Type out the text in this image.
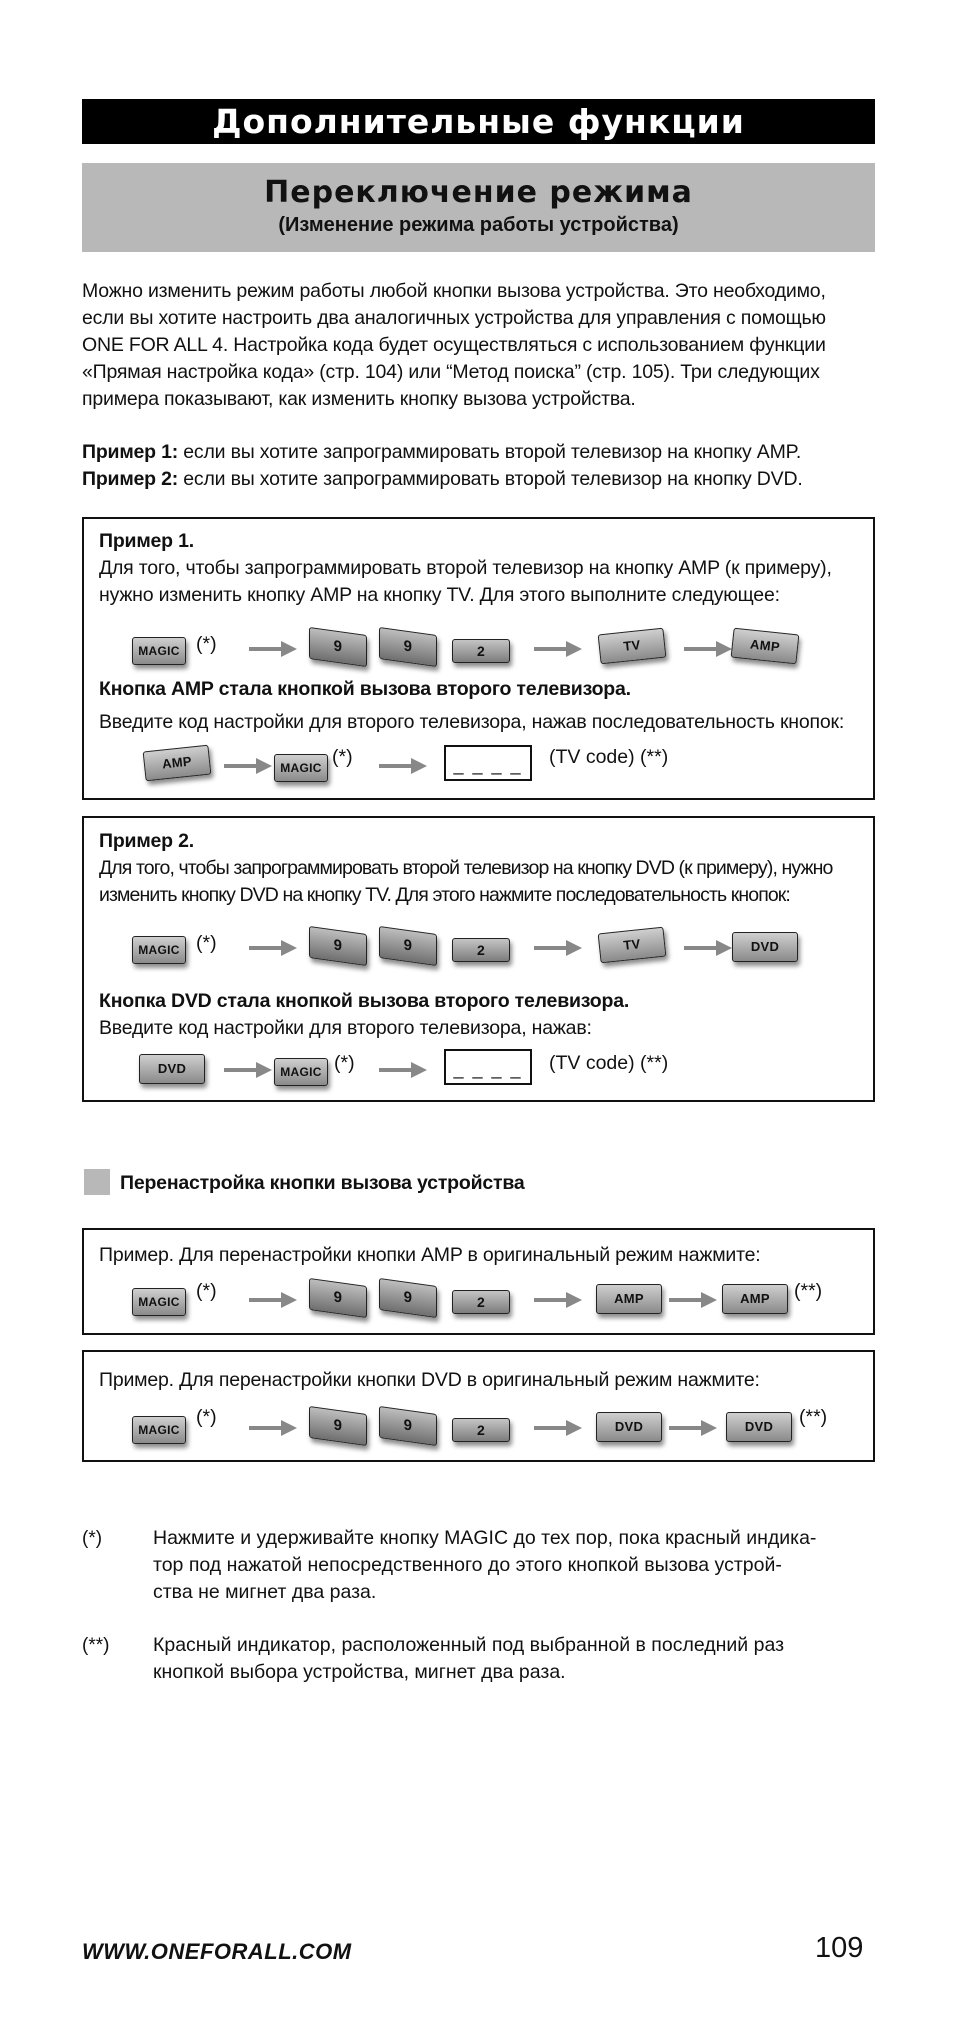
Дополнительные функции
Переключение режима
(Изменение режима работы устройства)
Можно изменить режим работы любой кнопки вызова устройства. Это необходимо,
если вы хотите настроить два аналогичных устройства для управления с помощью
ONE FOR ALL 4. Настройка кода будет осуществляться с использованием функции
«Прямая настройка кода» (стр. 104) или “Метод поиска” (стр. 105). Три следующих
примера показывают, как изменить кнопку вызова устройства.
Пример 1: если вы хотите запрограммировать второй телевизор на кнопку AMP.
Пример 2: если вы хотите запрограммировать второй телевизор на кнопку DVD.
Пример 1.
Для того, чтобы запрограммировать второй телевизор на кнопку AMP (к примеру),
нужно изменить кнопку AMP на кнопку TV. Для этого выполните следующее:
MAGIC (*)	9	9	2	TV	AMP
Кнопка AMP стала кнопкой вызова второго телевизора.
Введите код настройки для второго телевизора, нажав последовательность кнопок:
AMP	MAGIC (*)	_ _ _ _	(TV code) (**)
Пример 2.
Для того, чтобы запрограммировать второй телевизор на кнопку DVD (к примеру), нужно
изменить кнопку DVD на кнопку TV. Для этого нажмите последовательность кнопок:
MAGIC (*)	9	9	2	TV	DVD
Кнопка DVD стала кнопкой вызова второго телевизора.
Введите код настройки для второго телевизора, нажав:
DVD	MAGIC (*)	_ _ _ _	(TV code) (**)
Перенастройка кнопки вызова устройства
Пример. Для перенастройки кнопки AMP в оригинальный режим нажмите:
MAGIC (*)	9	9	2	AMP	AMP	(**)
Пример. Для перенастройки кнопки DVD в оригинальный режим нажмите:
MAGIC
(*)	9	9	2	DVD	DVD	(**)
(*)	Нажмите и удерживайте кнопку MAGIC до тех пор, пока красный индика-
тор под нажатой непосредственного до этого кнопкой вызова устрой-
ства не мигнет два раза.
(**) Красный индикатор, расположенный под выбранной в последний раз
кнопкой выбора устройства, мигнет два раза.
WWW.ONEFORALL.COM	109
